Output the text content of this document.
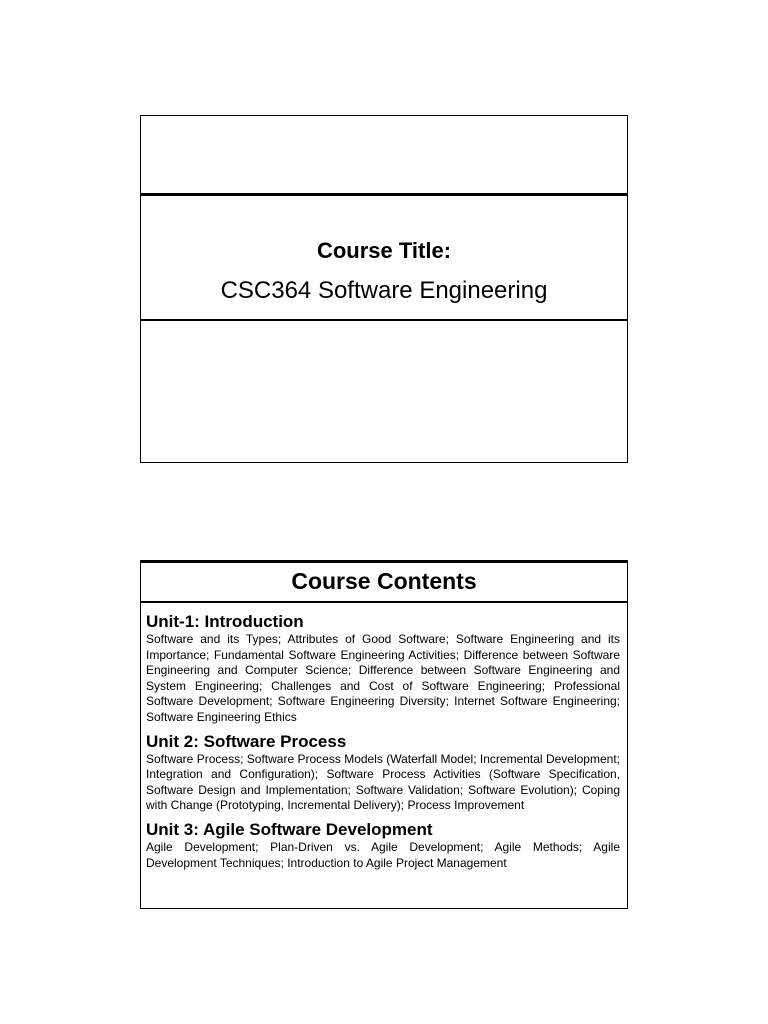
Course Title:
CSC364 Software Engineering
Course Contents

Unit-1: Introduction

Software and its Types; Attributes of Good Software; Software Engineering and its Importance; Fundamental Software Engineering Activities; Difference between Software Engineering and Computer Science; Difference between Software Engineering and System Engineering; Challenges and Cost of Software Engineering; Professional Software Development; Software Engineering Diversity; Internet Software Engineering; Software Engineering Ethics

Unit 2: Software Process

Software Process; Software Process Models (Waterfall Model; Incremental Development; Integration and Configuration); Software Process Activities (Software Specification, Software Design and Implementation; Software Validation; Software Evolution); Coping with Change (Prototyping, Incremental Delivery); Process Improvement

Unit 3: Agile Software Development

Agile Development; Plan-Driven vs. Agile Development; Agile Methods; Agile Development Techniques; Introduction to Agile Project Management
